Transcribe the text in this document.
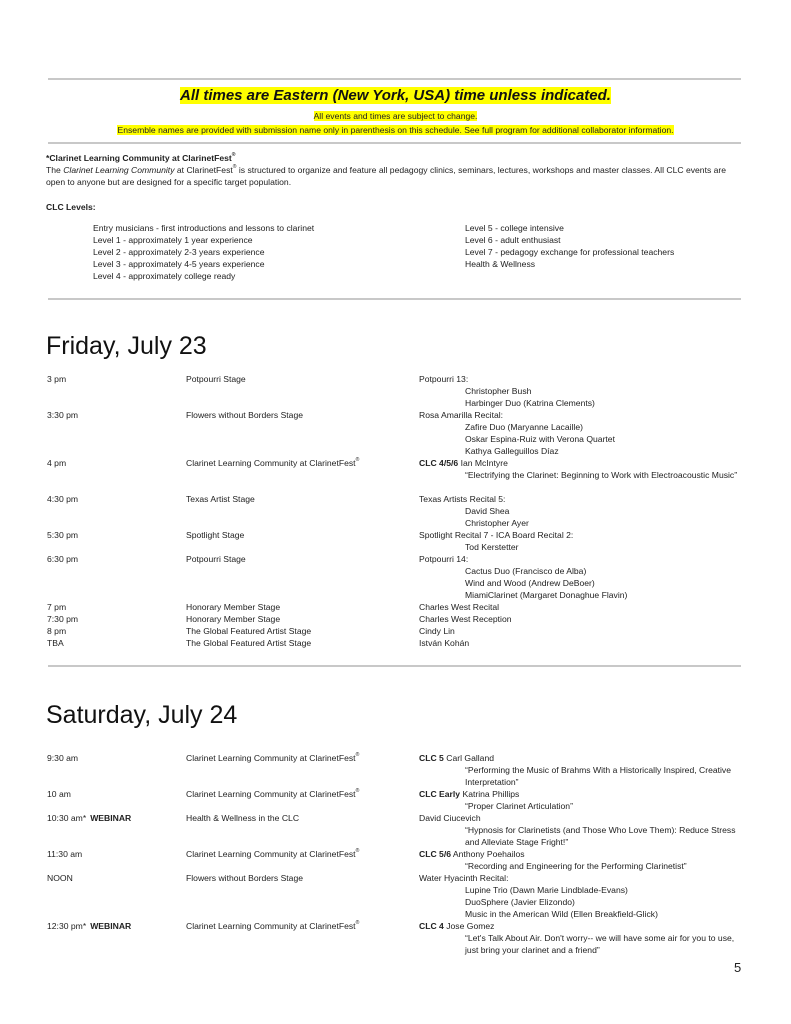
All times are Eastern (New York, USA) time unless indicated.
All events and times are subject to change.
Ensemble names are provided with submission name only in parenthesis on this schedule. See full program for additional collaborator information.
*Clarinet Learning Community at ClarinetFest®
The Clarinet Learning Community at ClarinetFest® is structured to organize and feature all pedagogy clinics, seminars, lectures, workshops and master classes. All CLC events are open to anyone but are designed for a specific target population.
CLC Levels:
Entry musicians - first introductions and lessons to clarinet
Level 1 - approximately 1 year experience
Level 2 - approximately 2-3 years experience
Level 3 - approximately 4-5 years experience
Level 4 - approximately college ready
Level 5 - college intensive
Level 6 - adult enthusiast
Level 7 - pedagogy exchange for professional teachers
Health & Wellness
Friday, July 23
3 pm	Potpourri Stage	Potpourri 13:
Christopher Bush
Harbinger Duo (Katrina Clements)
3:30 pm	Flowers without Borders Stage	Rosa Amarilla Recital:
Zafire Duo (Maryanne Lacaille)
Oskar Espina-Ruiz with Verona Quartet
Kathya Galleguillos Díaz
4 pm	Clarinet Learning Community at ClarinetFest®	CLC 4/5/6 Ian McIntyre
“Electrifying the Clarinet: Beginning to Work with Electroacoustic Music”
4:30 pm	Texas Artist Stage	Texas Artists Recital 5:
David Shea
Christopher Ayer
5:30 pm	Spotlight Stage	Spotlight Recital 7 - ICA Board Recital 2:
Tod Kerstetter
6:30 pm	Potpourri Stage	Potpourri 14:
Cactus Duo (Francisco de Alba)
Wind and Wood (Andrew DeBoer)
MiamiClarinet (Margaret Donaghue Flavin)
7 pm	Honorary Member Stage	Charles West Recital
7:30 pm	Honorary Member Stage	Charles West Reception
8 pm	The Global Featured Artist Stage	Cindy Lin
TBA	The Global Featured Artist Stage	István Kohán
Saturday, July 24
9:30 am	Clarinet Learning Community at ClarinetFest®	CLC 5 Carl Galland
“Performing the Music of Brahms With a Historically Inspired, Creative Interpretation”
10 am	Clarinet Learning Community at ClarinetFest®	CLC Early Katrina Phillips
“Proper Clarinet Articulation”
10:30 am* WEBINAR	Health & Wellness in the CLC	David Ciucevich
“Hypnosis for Clarinetists (and Those Who Love Them): Reduce Stress and Alleviate Stage Fright!”
11:30 am	Clarinet Learning Community at ClarinetFest®	CLC 5/6 Anthony Poehailos
“Recording and Engineering for the Performing Clarinetist”
NOON	Flowers without Borders Stage	Water Hyacinth Recital:
Lupine Trio (Dawn Marie Lindblade-Evans)
DuoSphere (Javier Elizondo)
Music in the American Wild (Ellen Breakfield-Glick)
12:30 pm* WEBINAR	Clarinet Learning Community at ClarinetFest®	CLC 4 Jose Gomez
“Let's Talk About Air. Don't worry-- we will have some air for you to use, just bring your clarinet and a friend”
5
